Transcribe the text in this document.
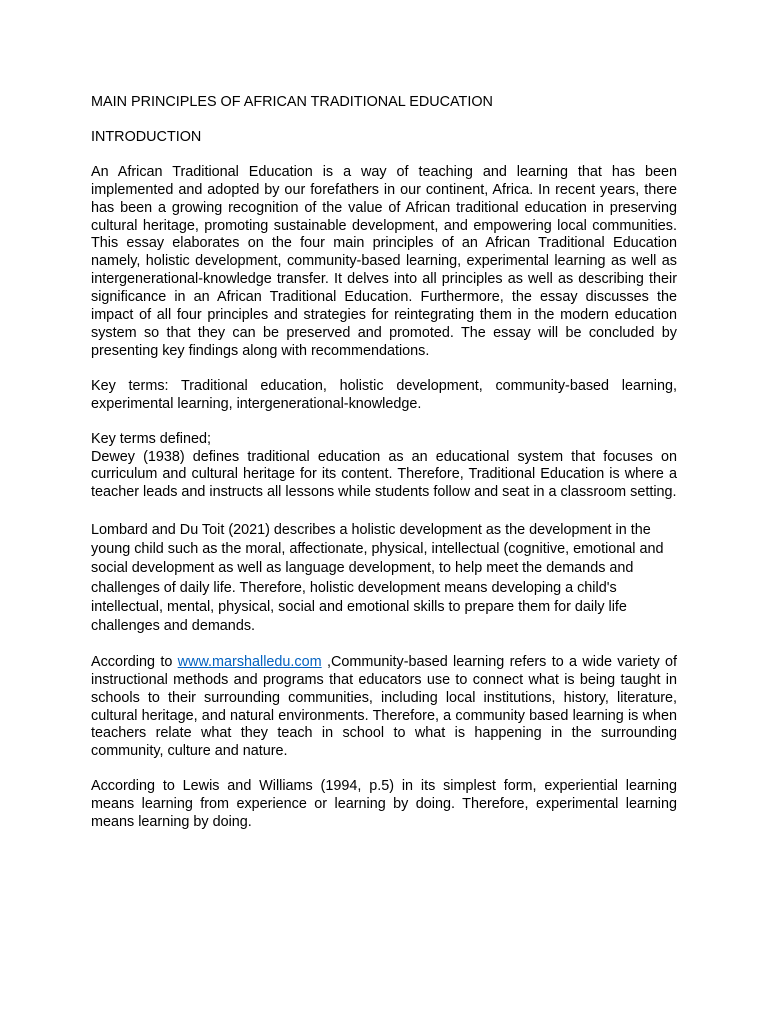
MAIN PRINCIPLES OF AFRICAN TRADITIONAL EDUCATION

INTRODUCTION

An African Traditional Education is a way of teaching and learning that has been implemented and adopted by our forefathers in our continent, Africa. In recent years, there has been a growing recognition of the value of African traditional education in preserving cultural heritage, promoting sustainable development, and empowering local communities. This essay elaborates on the four main principles of an African Traditional Education namely, holistic development, community-based learning, experimental learning as well as intergenerational-knowledge transfer. It delves into all principles as well as describing their significance in an African Traditional Education. Furthermore, the essay discusses the impact of all four principles and strategies for reintegrating them in the modern education system so that they can be preserved and promoted. The essay will be concluded by presenting key findings along with recommendations.

Key terms: Traditional education, holistic development, community-based learning, experimental learning, intergenerational-knowledge.

Key terms defined;

Dewey (1938) defines traditional education as an educational system that focuses on curriculum and cultural heritage for its content. Therefore, Traditional Education is where a teacher leads and instructs all lessons while students follow and seat in a classroom setting.

Lombard and Du Toit (2021) describes a holistic development as the development in the young child such as the moral, affectionate, physical, intellectual (cognitive, emotional and social development as well as language development, to help meet the demands and challenges of daily life. Therefore, holistic development means developing a child's intellectual, mental, physical, social and emotional skills to prepare them for daily life challenges and demands.

According to www.marshalledu.com ,Community-based learning refers to a wide variety of instructional methods and programs that educators use to connect what is being taught in schools to their surrounding communities, including local institutions, history, literature, cultural heritage, and natural environments. Therefore, a community based learning is when teachers relate what they teach in school to what is happening in the surrounding community, culture and nature.

According to Lewis and Williams (1994, p.5) in its simplest form, experiential learning means learning from experience or learning by doing. Therefore, experimental learning means learning by doing.
